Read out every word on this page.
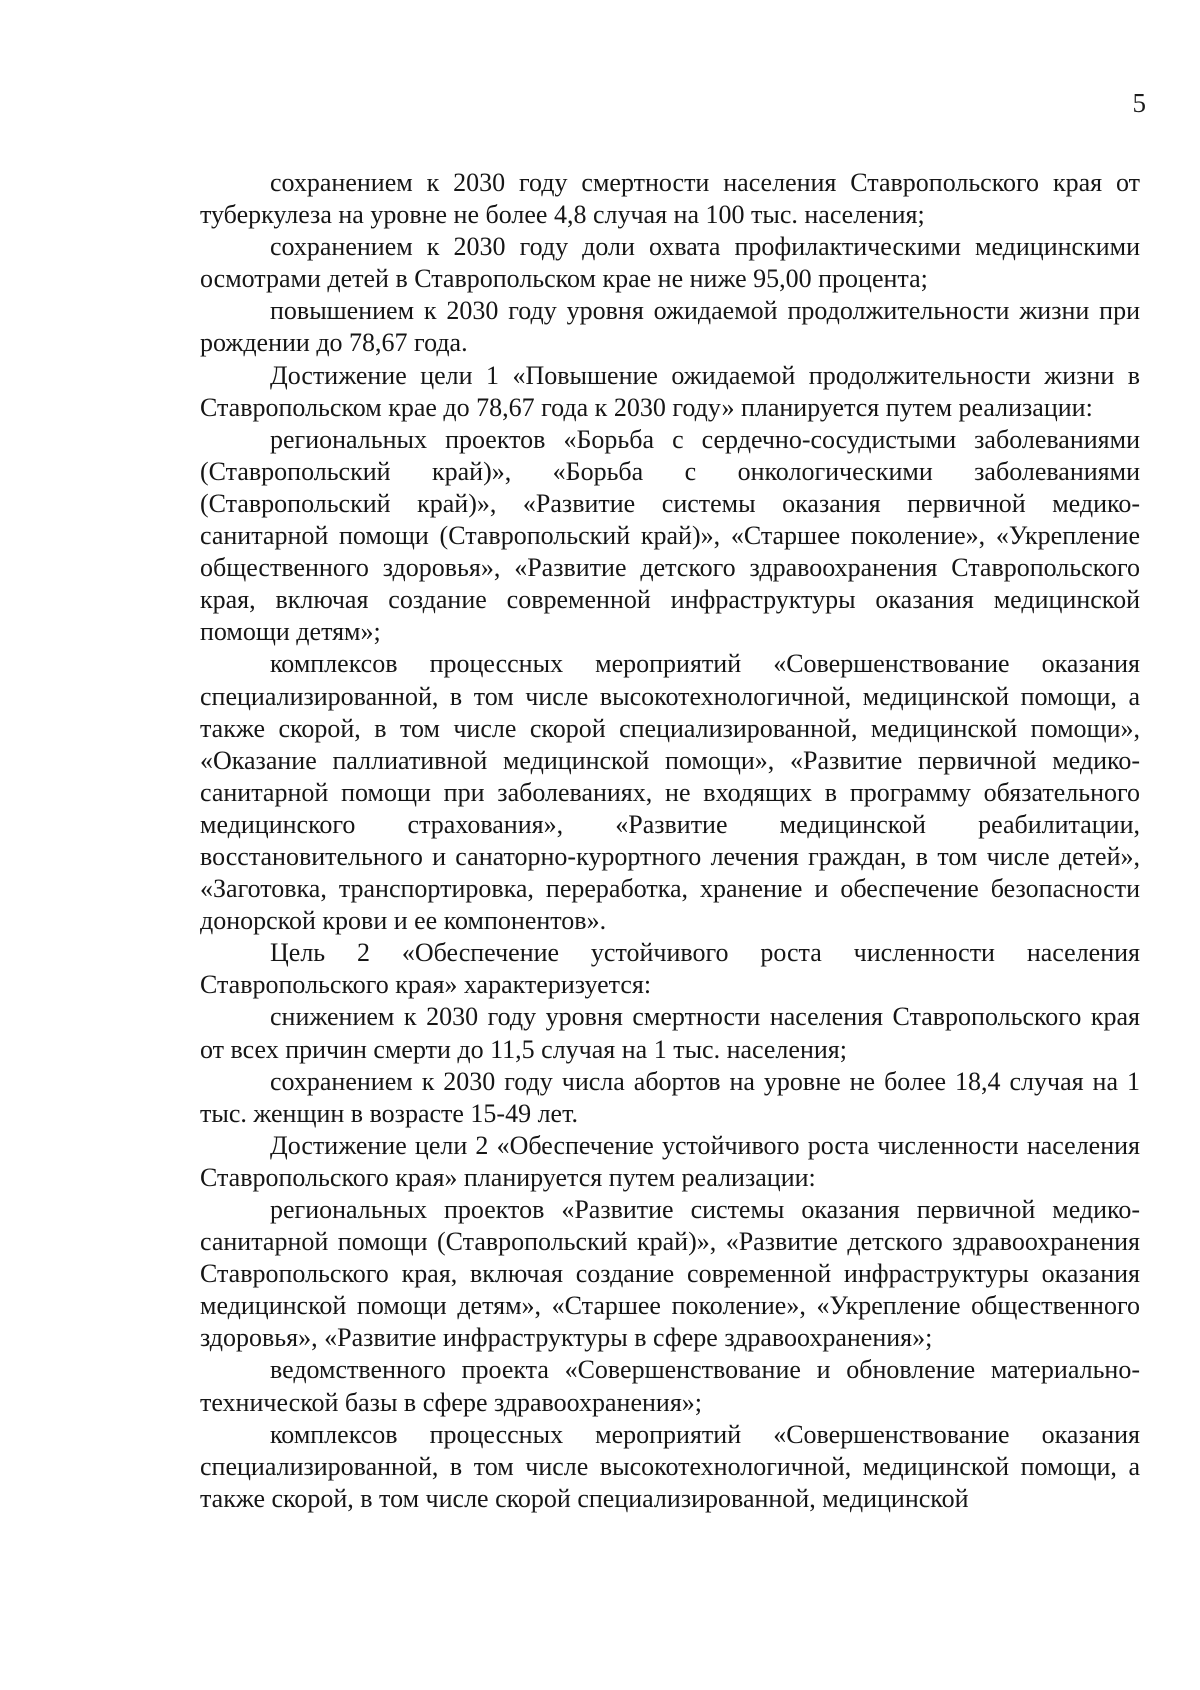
5

сохранением к 2030 году смертности населения Ставропольского края от туберкулеза на уровне не более 4,8 случая на 100 тыс. населения;

сохранением к 2030 году доли охвата профилактическими медицинскими осмотрами детей в Ставропольском крае не ниже 95,00 процента;

повышением к 2030 году уровня ожидаемой продолжительности жизни при рождении до 78,67 года.

Достижение цели 1 «Повышение ожидаемой продолжительности жизни в Ставропольском крае до 78,67 года к 2030 году» планируется путем реализации:

региональных проектов «Борьба с сердечно-сосудистыми заболеваниями (Ставропольский край)», «Борьба с онкологическими заболеваниями (Ставропольский край)», «Развитие системы оказания первичной медико-санитарной помощи (Ставропольский край)», «Старшее поколение», «Укрепление общественного здоровья», «Развитие детского здравоохранения Ставропольского края, включая создание современной инфраструктуры оказания медицинской помощи детям»;

комплексов процессных мероприятий «Совершенствование оказания специализированной, в том числе высокотехнологичной, медицинской помощи, а также скорой, в том числе скорой специализированной, медицинской помощи», «Оказание паллиативной медицинской помощи», «Развитие первичной медико-санитарной помощи при заболеваниях, не входящих в программу обязательного медицинского страхования», «Развитие медицинской реабилитации, восстановительного и санаторно-курортного лечения граждан, в том числе детей», «Заготовка, транспортировка, переработка, хранение и обеспечение безопасности донорской крови и ее компонентов».

Цель 2 «Обеспечение устойчивого роста численности населения Ставропольского края» характеризуется:

снижением к 2030 году уровня смертности населения Ставропольского края от всех причин смерти до 11,5 случая на 1 тыс. населения;

сохранением к 2030 году числа абортов на уровне не более 18,4 случая на 1 тыс. женщин в возрасте 15-49 лет.

Достижение цели 2 «Обеспечение устойчивого роста численности населения Ставропольского края» планируется путем реализации:

региональных проектов «Развитие системы оказания первичной медико-санитарной помощи (Ставропольский край)», «Развитие детского здравоохранения Ставропольского края, включая создание современной инфраструктуры оказания медицинской помощи детям», «Старшее поколение», «Укрепление общественного здоровья», «Развитие инфраструктуры в сфере здравоохранения»;

ведомственного проекта «Совершенствование и обновление материально-технической базы в сфере здравоохранения»;

комплексов процессных мероприятий «Совершенствование оказания специализированной, в том числе высокотехнологичной, медицинской помощи, а также скорой, в том числе скорой специализированной, медицинской
